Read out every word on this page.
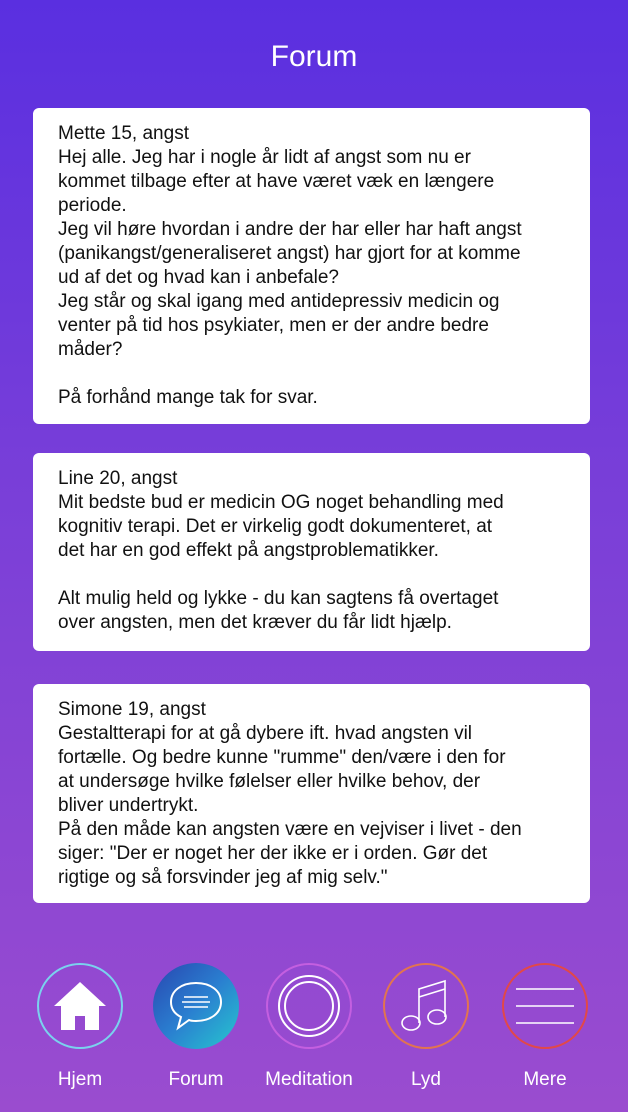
Forum
Mette 15, angst
Hej alle. Jeg har i nogle år lidt af angst som nu er
kommet tilbage efter at have været væk en længere
periode.
Jeg vil høre hvordan i andre der har eller har haft angst
(panikangst/generaliseret angst) har gjort for at komme
ud af det og hvad kan i anbefale?
Jeg står og skal igang med antidepressiv medicin og
venter på tid hos psykiater, men er der andre bedre
måder?

På forhånd mange tak for svar.
Line 20, angst
Mit bedste bud er medicin OG noget behandling med
kognitiv terapi. Det er virkelig godt dokumenteret, at
det har en god effekt på angstproblematikker.

Alt mulig held og lykke - du kan sagtens få overtaget
over angsten, men det kræver du får lidt hjælp.
Simone 19, angst
Gestaltterapi for at gå dybere ift. hvad angsten vil
fortælle. Og bedre kunne "rumme" den/være i den for
at undersøge hvilke følelser eller hvilke behov, der
bliver undertrykt.
På den måde kan angsten være en vejviser i livet - den
siger: "Der er noget her der ikke er i orden. Gør det
rigtige og så forsvinder jeg af mig selv."
Hjem	Forum	Meditation	Lyd	Mere
